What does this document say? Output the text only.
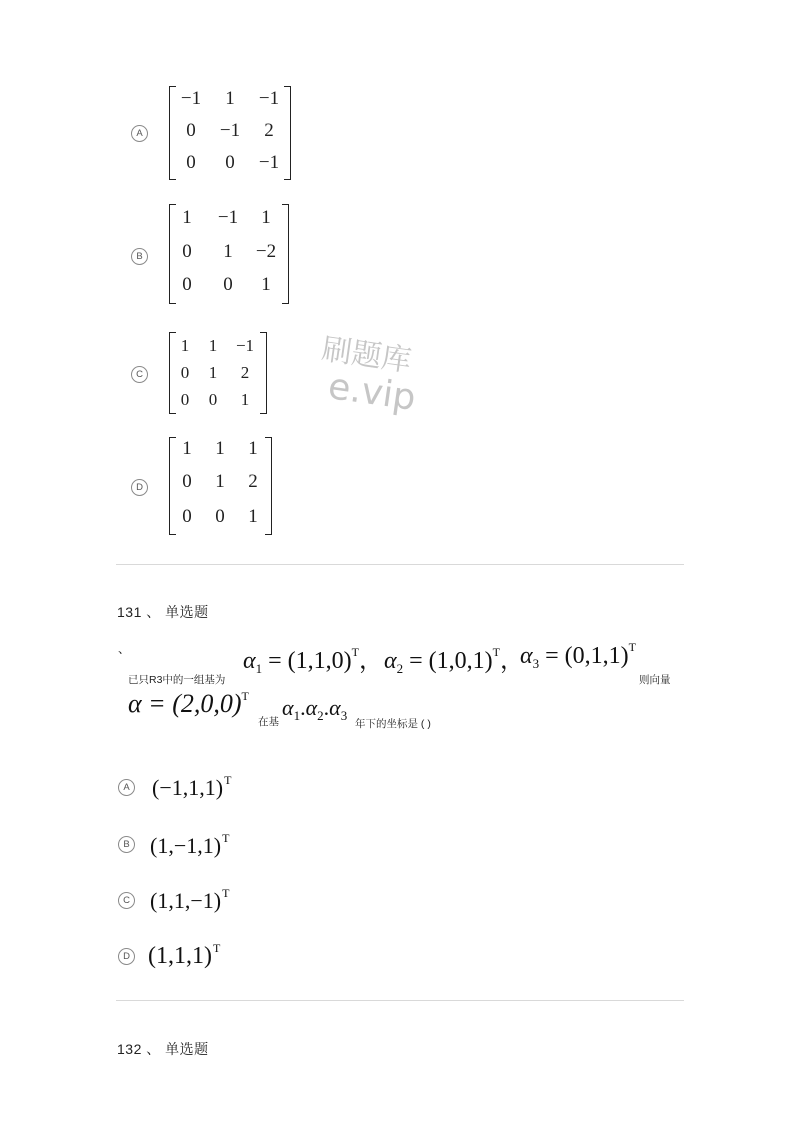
A
−1	1	−1
0	−1	2
0	0	−1
B
1	−1	1
0	1	−2
0	0	1
C
1	1	−1
0	1	2
0	0	1
D
1	1	1
0	1	2
0	0	1
刷题库
e.vip
131 、 单选题
、
已只R3中的一组基为
$\alpha_1 = (1,1,0)^T$， $\alpha_2 = (1,0,1)^T$，
$\alpha_3 = (0,1,1)^T$
则向量
$\alpha = (2,0,0)^T$
在基
$\alpha_1.\alpha_2.\alpha_3$
年下的坐标是 ( )
A $(-1,1,1)^T$
B $(1,-1,1)^T$
C $(1,1,-1)^T$
D $(1,1,1)^T$
132 、 单选题
